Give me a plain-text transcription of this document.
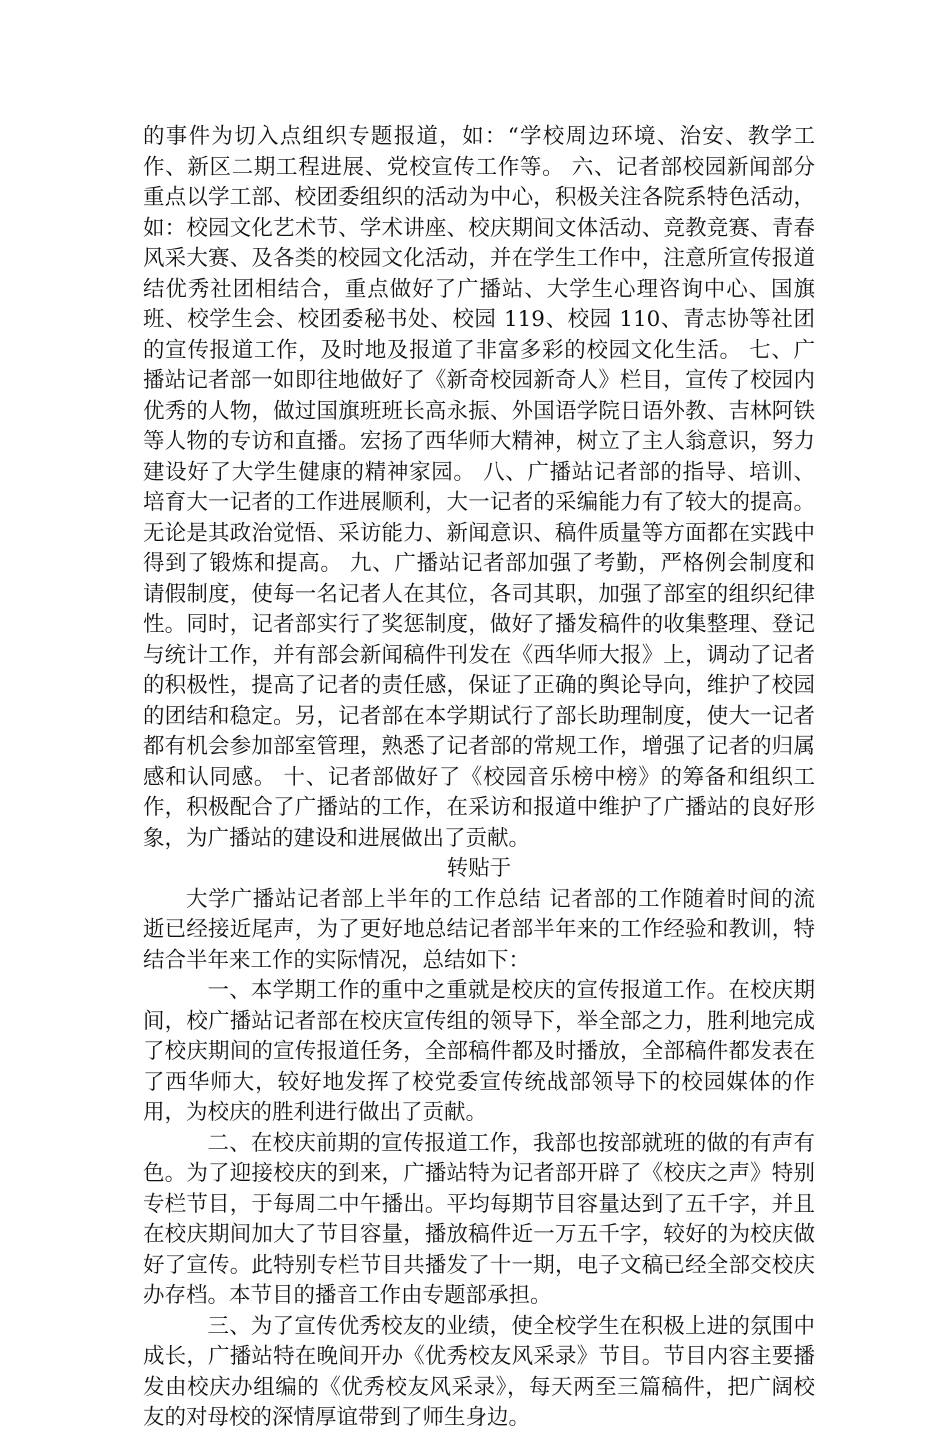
的事件为切入点组织专题报道，如：“学校周边环境、治安、教学工作、新区二期工程进展、党校宣传工作等。 六、记者部校园新闻部分重点以学工部、校团委组织的活动为中心，积极关注各院系特色活动，如：校园文化艺术节、学术讲座、校庆期间文体活动、竞教竞赛、青春风采大赛、及各类的校园文化活动，并在学生工作中，注意所宣传报道结优秀社团相结合，重点做好了广播站、大学生心理咨询中心、国旗班、校学生会、校团委秘书处、校园 119、校园 110、青志协等社团的宣传报道工作，及时地及报道了非富多彩的校园文化生活。 七、广播站记者部一如即往地做好了《新奇校园新奇人》栏目，宣传了校园内优秀的人物，做过国旗班班长高永振、外国语学院日语外教、吉林阿铁等人物的专访和直播。宏扬了西华师大精神，树立了主人翁意识，努力建设好了大学生健康的精神家园。 八、广播站记者部的指导、培训、培育大一记者的工作进展顺利，大一记者的采编能力有了较大的提高。无论是其政治觉悟、采访能力、新闻意识、稿件质量等方面都在实践中得到了锻炼和提高。 九、广播站记者部加强了考勤，严格例会制度和请假制度，使每一名记者人在其位，各司其职，加强了部室的组织纪律性。同时，记者部实行了奖惩制度，做好了播发稿件的收集整理、登记与统计工作，并有部会新闻稿件刊发在《西华师大报》上，调动了记者的积极性，提高了记者的责任感，保证了正确的舆论导向，维护了校园的团结和稳定。另，记者部在本学期试行了部长助理制度，使大一记者都有机会参加部室管理，熟悉了记者部的常规工作，增强了记者的归属感和认同感。 十、记者部做好了《校园音乐榜中榜》的筹备和组织工作，积极配合了广播站的工作，在采访和报道中维护了广播站的良好形象，为广播站的建设和进展做出了贡献。

转贴于

大学广播站记者部上半年的工作总结 记者部的工作随着时间的流逝已经接近尾声，为了更好地总结记者部半年来的工作经验和教训，特结合半年来工作的实际情况，总结如下：

一、本学期工作的重中之重就是校庆的宣传报道工作。在校庆期间，校广播站记者部在校庆宣传组的领导下，举全部之力，胜利地完成了校庆期间的宣传报道任务，全部稿件都及时播放，全部稿件都发表在了西华师大，较好地发挥了校党委宣传统战部领导下的校园媒体的作用，为校庆的胜利进行做出了贡献。

二、在校庆前期的宣传报道工作，我部也按部就班的做的有声有色。为了迎接校庆的到来，广播站特为记者部开辟了《校庆之声》特别专栏节目，于每周二中午播出。平均每期节目容量达到了五千字，并且在校庆期间加大了节目容量，播放稿件近一万五千字，较好的为校庆做好了宣传。此特别专栏节目共播发了十一期，电子文稿已经全部交校庆办存档。本节目的播音工作由专题部承担。

三、为了宣传优秀校友的业绩，使全校学生在积极上进的氛围中成长，广播站特在晚间开办《优秀校友风采录》节目。节目内容主要播发由校庆办组编的《优秀校友风采录》，每天两至三篇稿件，把广阔校友的对母校的深情厚谊带到了师生身边。
